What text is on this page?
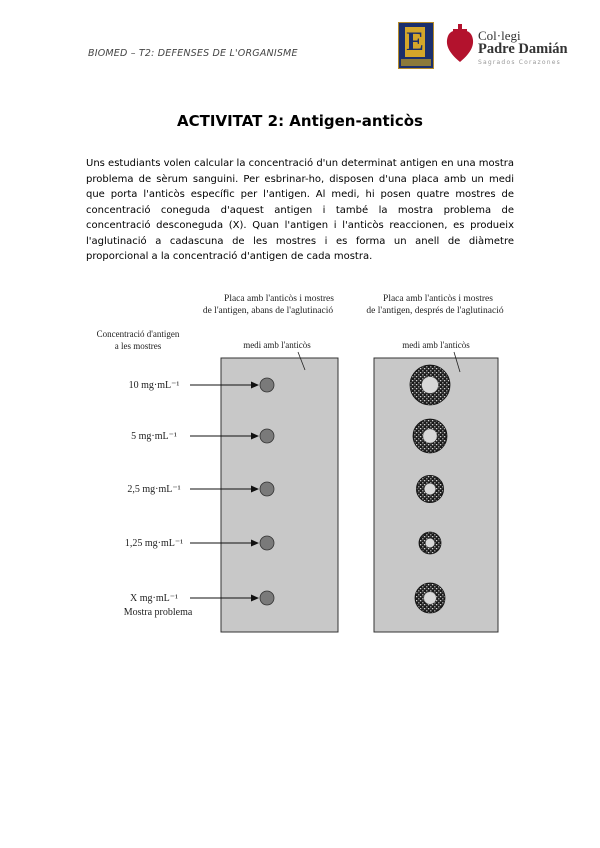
BIOMED – T2: DEFENSES DE L'ORGANISME	E	Col·legi
Padre Damián
Sagrados Corazones
ACTIVITAT 2: Antigen-anticòs
Uns estudiants volen calcular la concentració d'un determinat antigen en una mostra problema de sèrum sanguini. Per esbrinar-ho, disposen d'una placa amb un medi que porta l'anticòs específic per l'antigen. Al medi, hi posen quatre mostres de concentració coneguda d'aquest antigen i també la mostra problema de concentració desconeguda (X). Quan l'antigen i l'anticòs reaccionen, es produeix l'aglutinació a cadascuna de les mostres i es forma un anell de diàmetre proporcional a la concentració d'antigen de cada mostra.
Placa amb l'anticòs i mostres
de l'antigen, abans de l'aglutinació
Placa amb l'anticòs i mostres
de l'antigen, després de l'aglutinació
Concentració d'antigen
a les mostres	medi amb l'anticòs	medi amb l'anticòs
10 mg·mL⁻¹
5 mg·mL⁻¹
2,5 mg·mL⁻¹
1,25 mg·mL⁻¹
X mg·mL⁻¹
Mostra problema
